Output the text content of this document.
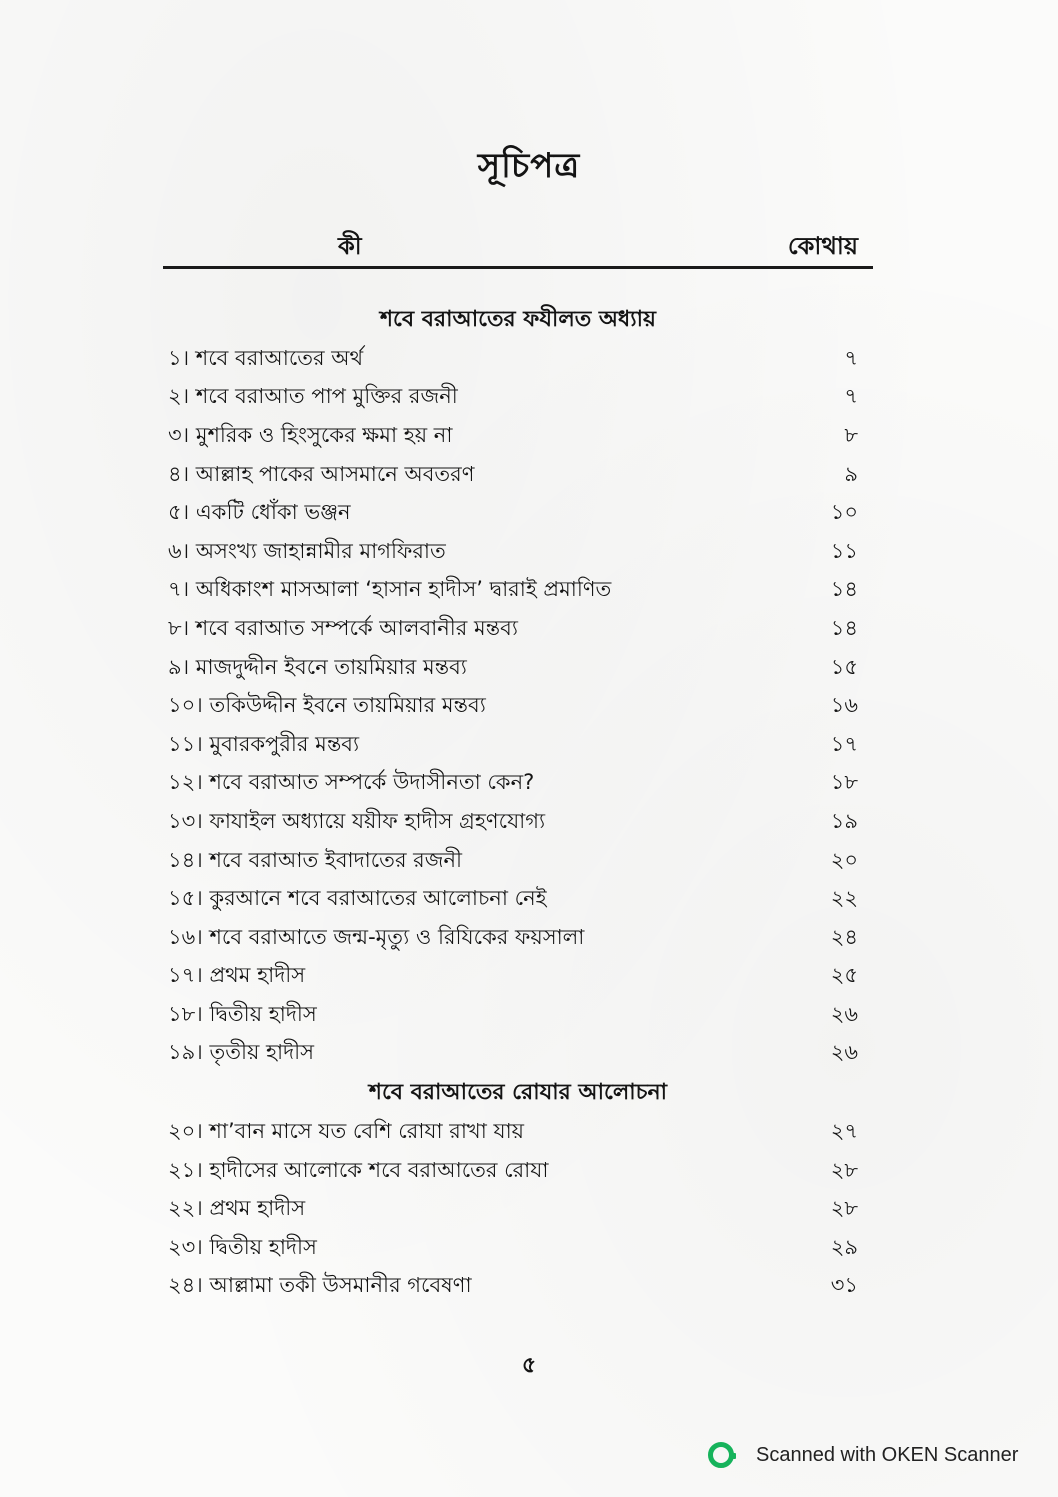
সূচিপত্র
কী	কোথায়
শবে বরাআতের ফযীলত অধ্যায়
১। শবে বরাআতের অর্থ	৭
২। শবে বরাআত পাপ মুক্তির রজনী	৭
৩। মুশরিক ও হিংসুকের ক্ষমা হয় না	৮
৪। আল্লাহ পাকের আসমানে অবতরণ	৯
৫। একটি ধোঁকা ভঞ্জন	১০
৬। অসংখ্য জাহান্নামীর মাগফিরাত	১১
৭। অধিকাংশ মাসআলা ‘হাসান হাদীস’ দ্বারাই প্রমাণিত	১৪
৮। শবে বরাআত সম্পর্কে আলবানীর মন্তব্য	১৪
৯। মাজদুদ্দীন ইবনে তায়মিয়ার মন্তব্য	১৫
১০। তকিউদ্দীন ইবনে তায়মিয়ার মন্তব্য	১৬
১১। মুবারকপুরীর মন্তব্য	১৭
১২। শবে বরাআত সম্পর্কে উদাসীনতা কেন?	১৮
১৩। ফাযাইল অধ্যায়ে যয়ীফ হাদীস গ্রহণযোগ্য	১৯
১৪। শবে বরাআত ইবাদাতের রজনী	২০
১৫। কুরআনে শবে বরাআতের আলোচনা নেই	২২
১৬। শবে বরাআতে জন্ম-মৃত্যু ও রিযিকের ফয়সালা	২৪
১৭। প্রথম হাদীস	২৫
১৮। দ্বিতীয় হাদীস	২৬
১৯। তৃতীয় হাদীস	২৬
শবে বরাআতের রোযার আলোচনা
২০। শা’বান মাসে যত বেশি রোযা রাখা যায়	২৭
২১। হাদীসের আলোকে শবে বরাআতের রোযা	২৮
২২। প্রথম হাদীস	২৮
২৩। দ্বিতীয় হাদীস	২৯
২৪। আল্লামা তকী উসমানীর গবেষণা	৩১
৫
Scanned with OKEN Scanner
